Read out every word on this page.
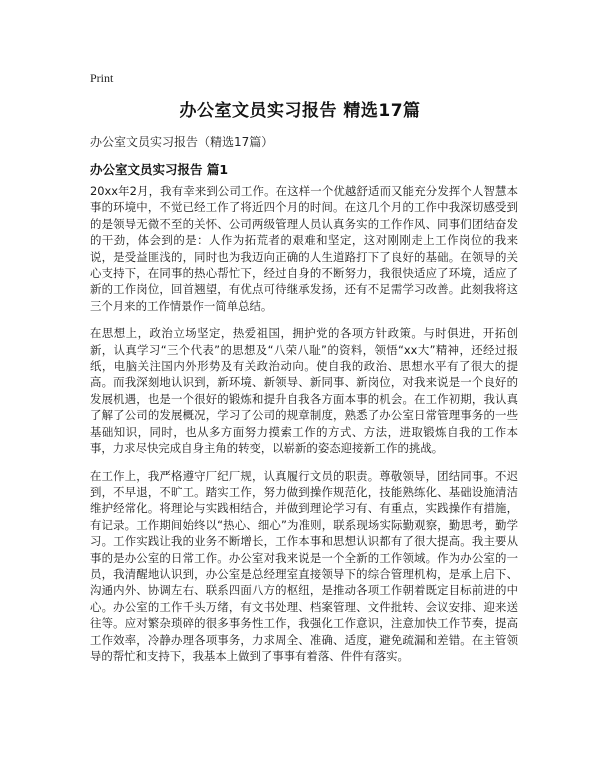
Print
办公室文员实习报告 精选17篇
办公室文员实习报告（精选17篇）
办公室文员实习报告 篇1

20xx年2月，我有幸来到公司工作。在这样一个优越舒适而又能充分发挥个人智慧本事的环境中，不觉已经工作了将近四个月的时间。在这几个月的工作中我深切感受到的是领导无微不至的关怀、公司两级管理人员认真务实的工作作风、同事们团结奋发的干劲，体会到的是：人作为拓荒者的艰难和坚定，这对刚刚走上工作岗位的我来说，是受益匪浅的，同时也为我迈向正确的人生道路打下了良好的基础。在领导的关心支持下，在同事的热心帮忙下，经过自身的不断努力，我很快适应了环境，适应了新的工作岗位，回首翘望，有优点可待继承发扬，还有不足需学习改善。此刻我将这三个月来的工作情景作一简单总结。

在思想上，政治立场坚定，热爱祖国，拥护党的各项方针政策。与时俱进，开拓创新，认真学习“三个代表”的思想及“八荣八耻”的资料，领悟“xx大”精神，还经过报纸，电脑关注国内外形势及有关政治动向。使自我的政治、思想水平有了很大的提高。而我深刻地认识到，新环境、新领导、新同事、新岗位，对我来说是一个良好的发展机遇，也是一个很好的锻炼和提升自我各方面本事的机会。在工作初期，我认真了解了公司的发展概况，学习了公司的规章制度，熟悉了办公室日常管理事务的一些基础知识，同时，也从多方面努力摸索工作的方式、方法，进取锻炼自我的工作本事，力求尽快完成自身主角的转变，以崭新的姿态迎接新工作的挑战。

在工作上，我严格遵守厂纪厂规，认真履行文员的职责。尊敬领导，团结同事。不迟到，不早退，不旷工。踏实工作，努力做到操作规范化，技能熟练化、基础设施清洁维护经常化。将理论与实践相结合，并做到理论学习有、有重点，实践操作有措施，有记录。工作期间始终以“热心、细心”为准则，联系现场实际勤观察，勤思考，勤学习。工作实践让我的业务不断增长，工作本事和思想认识都有了很大提高。我主要从事的是办公室的日常工作。办公室对我来说是一个全新的工作领域。作为办公室的一员，我清醒地认识到，办公室是总经理室直接领导下的综合管理机构，是承上启下、沟通内外、协调左右、联系四面八方的枢纽，是推动各项工作朝着既定目标前进的中心。办公室的工作千头万绪，有文书处理、档案管理、文件批转、会议安排、迎来送往等。应对繁杂琐碎的很多事务性工作，我强化工作意识，注意加快工作节奏，提高工作效率，冷静办理各项事务，力求周全、准确、适度，避免疏漏和差错。在主管领导的帮忙和支持下，我基本上做到了事事有着落、件件有落实。
